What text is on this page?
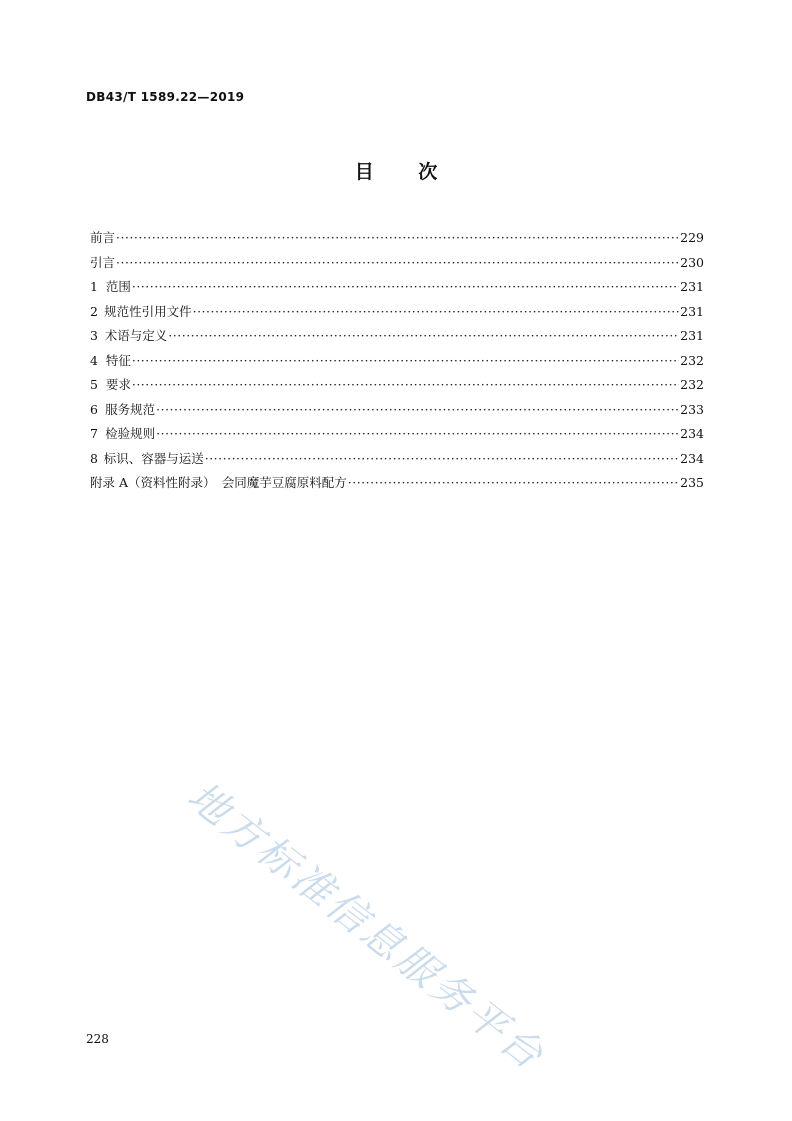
DB43/T 1589.22—2019
目 次
前言 ·····	229
引言 ·····	230
1 范围 ·····	231
2 规范性引用文件 ·····	231
3 术语与定义 ·····	231
4 特征 ·····	232
5 要求 ·····	232
6 服务规范 ·····	233
7 检验规则 ·····	234
8 标识、容器与运送 ·····	234
附录 A（资料性附录）　会同魔芋豆腐原料配方 ·····	235
地方标准信息服务平台
228
